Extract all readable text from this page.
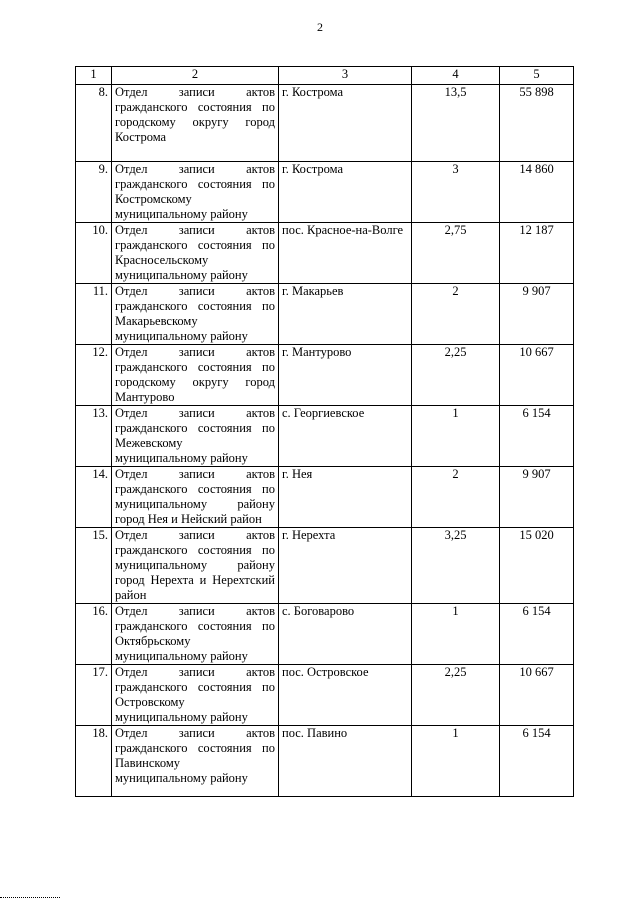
2
1	2	3	4	5
8.	Отдел записи актов гражданского состояния по городскому округу город Кострома	г. Кострома	13,5	55 898
9.	Отдел записи актов гражданского состояния по Костромскому муниципальному району	г. Кострома	3	14 860
10.	Отдел записи актов гражданского состояния по Красносельскому муниципальному району	пос. Красное-на-Волге	2,75	12 187
11.	Отдел записи актов гражданского состояния по Макарьевскому муниципальному району	г. Макарьев	2	9 907
12.	Отдел записи актов гражданского состояния по городскому округу город Мантурово	г. Мантурово	2,25	10 667
13.	Отдел записи актов гражданского состояния по Межевскому муниципальному району	с. Георгиевское	1	6 154
14.	Отдел записи актов гражданского состояния по муниципальному району город Нея и Нейский район	г. Нея	2	9 907
15.	Отдел записи актов гражданского состояния по муниципальному району город Нерехта и Нерехтский район	г. Нерехта	3,25	15 020
16.	Отдел записи актов гражданского состояния по Октябрьскому муниципальному району	с. Боговарово	1	6 154
17.	Отдел записи актов гражданского состояния по Островскому муниципальному району	пос. Островское	2,25	10 667
18.	Отдел записи актов гражданского состояния по Павинскому муниципальному району	пос. Павино	1	6 154
